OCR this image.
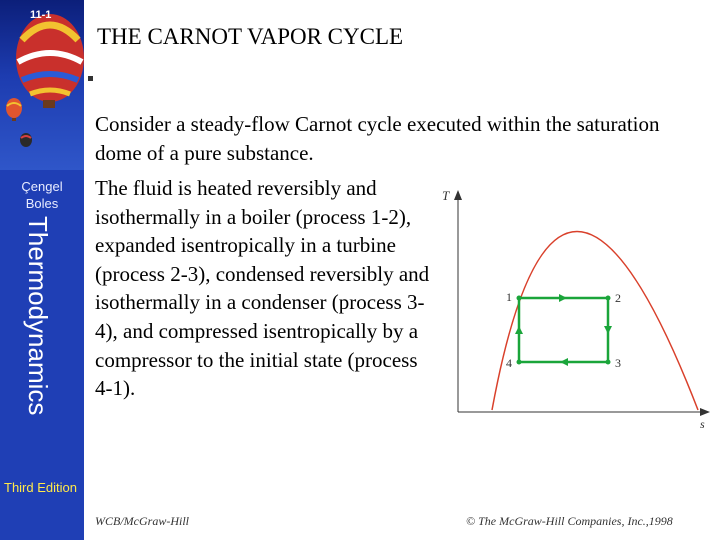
11-1
Çengel
Boles
Thermodynamics
Third Edition
THE CARNOT VAPOR CYCLE
Consider a steady-flow Carnot cycle executed within the saturation dome of a pure substance.
The fluid is heated reversibly and isothermally in a boiler (process 1-2), expanded isentropically in a turbine (process 2-3), condensed reversibly and isothermally in a condenser (process 3-4), and compressed isentropically by a compressor to the initial state (process 4-1).
T
s
1	2
3
4
WCB/McGraw-Hill	© The McGraw-Hill Companies, Inc.,1998
